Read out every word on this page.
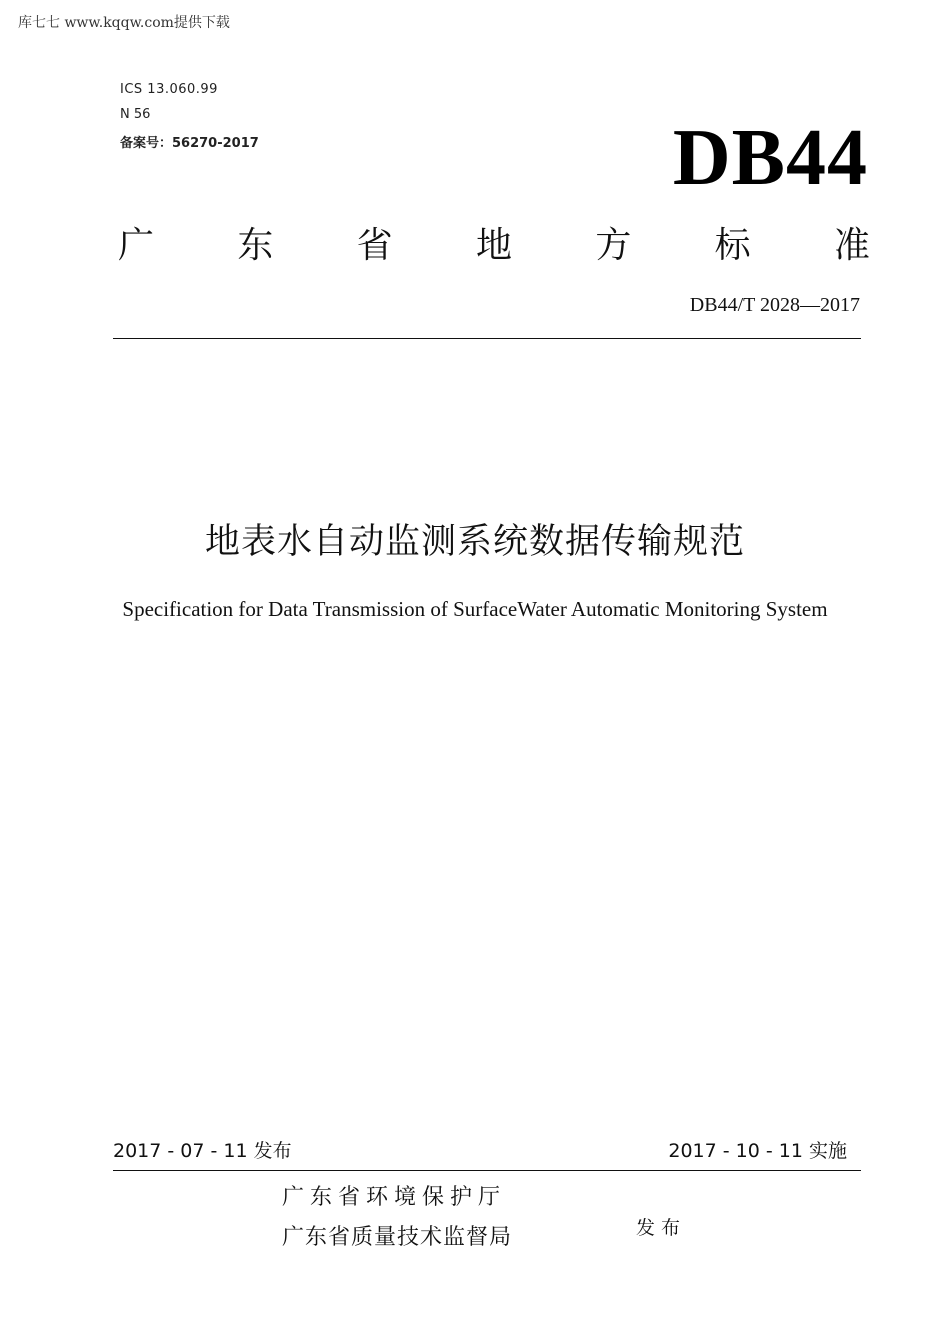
库七七 www.kqqw.com提供下载
ICS 13.060.99
N 56
备案号：56270-2017	DB44
广 东 省 地 方 标 准
DB44/T 2028—2017
地表水自动监测系统数据传输规范
Specification for Data Transmission of SurfaceWater Automatic Monitoring System
2017 - 07 - 11 发布	2017 - 10 - 11 实施
广东省环境保护厅
广东省质量技术监督局	发布
